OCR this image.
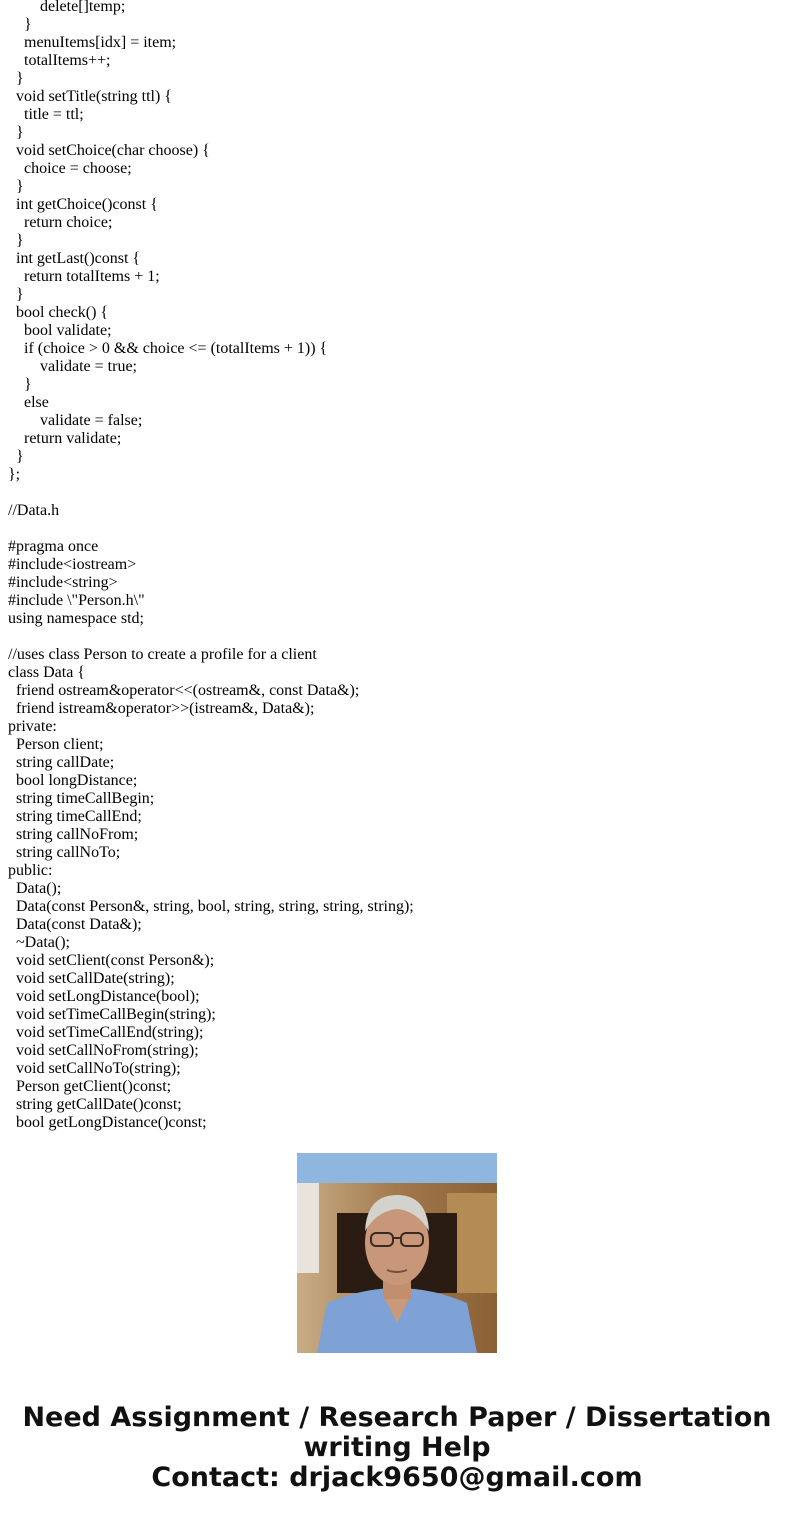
delete[]temp;
}
menuItems[idx] = item;
totalItems++;
}
void setTitle(string ttl) {
title = ttl;
}
void setChoice(char choose) {
choice = choose;
}
int getChoice()const {
return choice;
}
int getLast()const {
return totalItems + 1;
}
bool check() {
bool validate;
if (choice > 0 && choice <= (totalItems + 1)) {
validate = true;
}
else
validate = false;
return validate;
}
};
//Data.h
#pragma once
#include<iostream>
#include<string>
#include \"Person.h\"
using namespace std;
//uses class Person to create a profile for a client
class Data {
friend ostream&operator<<(ostream&, const Data&);
friend istream&operator>>(istream&, Data&);
private:
Person client;
string callDate;
bool longDistance;
string timeCallBegin;
string timeCallEnd;
string callNoFrom;
string callNoTo;
public:
Data();
Data(const Person&, string, bool, string, string, string, string);
Data(const Data&);
~Data();
void setClient(const Person&);
void setCallDate(string);
void setLongDistance(bool);
void setTimeCallBegin(string);
void setTimeCallEnd(string);
void setCallNoFrom(string);
void setCallNoTo(string);
Person getClient()const;
string getCallDate()const;
bool getLongDistance()const;
Need Assignment / Research Paper / Dissertation
writing Help
Contact: drjack9650@gmail.com
